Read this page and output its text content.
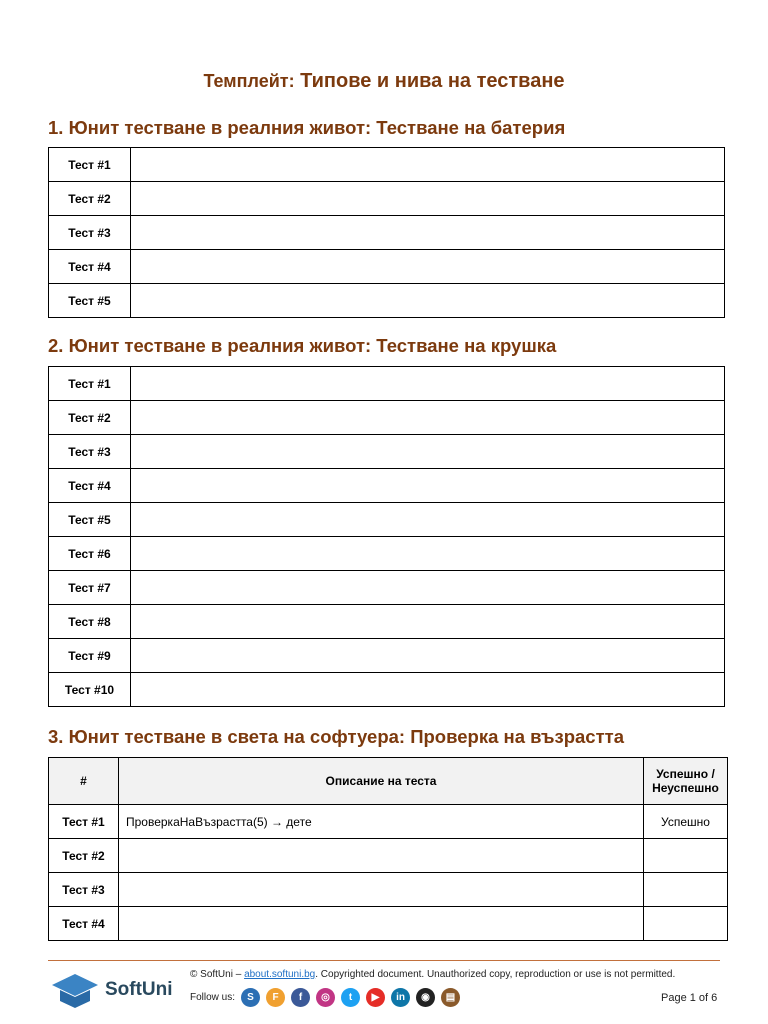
Темплейт: Типове и нива на тестване
1. Юнит тестване в реалния живот: Тестване на батерия
Тест #1	
Тест #2	
Тест #3	
Тест #4	
Тест #5	
2. Юнит тестване в реалния живот: Тестване на крушка
Тест #1	
Тест #2	
Тест #3	
Тест #4	
Тест #5	
Тест #6	
Тест #7	
Тест #8	
Тест #9	
Тест #10	
3. Юнит тестване в света на софтуера: Проверка на възрастта
#	Описание на теста	Успешно /
Неуспешно

Тест #1	ПроверкаНаВъзрастта(5) → дете	Успешно
Тест #2		
Тест #3		
Тест #4		
SoftUni
© SoftUni – about.softuni.bg. Copyrighted document. Unauthorized copy, reproduction or use is not permitted.
Follow us:	S	F	f	◎	t	▶	in	◉	▤	Page 1 of 6
